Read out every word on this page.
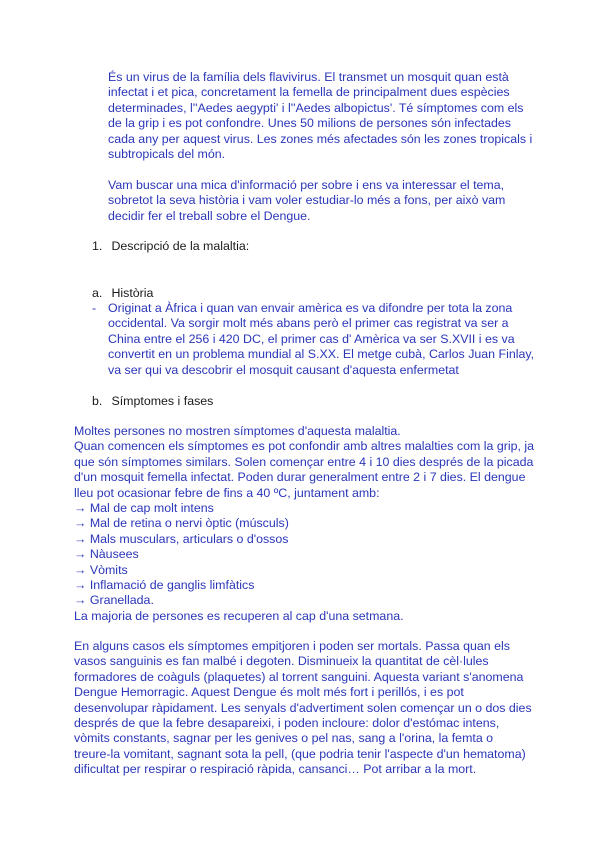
És un virus de la família dels flavivirus. El transmet un mosquit quan està
infectat i et pica, concretament la femella de principalment dues espècies
determinades, l''Aedes aegypti' i l''Aedes albopictus'. Té símptomes com els
de la grip i es pot confondre. Unes 50 milions de persones són infectades
cada any per aquest virus. Les zones més afectades són les zones tropicals i
subtropicals del món.
Vam buscar una mica d'informació per sobre i ens va interessar el tema,
sobretot la seva història i vam voler estudiar-lo més a fons, per això vam
decidir fer el treball sobre el Dengue.
1. Descripció de la malaltia:
a. Història
- Originat a Àfrica i quan van envair amèrica es va difondre per tota la zona
occidental. Va sorgir molt més abans però el primer cas registrat va ser a
China entre el 256 i 420 DC, el primer cas d' Amèrica va ser S.XVII i es va
convertit en un problema mundial al S.XX. El metge cubà, Carlos Juan Finlay,
va ser qui va descobrir el mosquit causant d'aquesta enfermetat
b. Símptomes i fases
Moltes persones no mostren símptomes d'aquesta malaltia.
Quan comencen els símptomes es pot confondir amb altres malalties com la grip, ja
que són símptomes similars. Solen començar entre 4 i 10 dies després de la picada
d'un mosquit femella infectat. Poden durar generalment entre 2 i 7 dies. El dengue
lleu pot ocasionar febre de fins a 40 ºC, juntament amb:
→ Mal de cap molt intens
→ Mal de retina o nervi òptic (músculs)
→ Mals musculars, articulars o d'ossos
→ Nàusees
→ Vòmits
→ Inflamació de ganglis limfàtics
→ Granellada.
La majoria de persones es recuperen al cap d'una setmana.
En alguns casos els símptomes empitjoren i poden ser mortals. Passa quan els
vasos sanguinis es fan malbé i degoten. Disminueix la quantitat de cèl·lules
formadores de coàguls (plaquetes) al torrent sanguini. Aquesta variant s'anomena
Dengue Hemorragic. Aquest Dengue és molt més fort i perillós, i es pot
desenvolupar ràpidament. Les senyals d'advertiment solen començar un o dos dies
després de que la febre desapareixi, i poden incloure: dolor d'estómac intens,
vòmits constants, sagnar per les genives o pel nas, sang a l'orina, la femta o
treure-la vomitant, sagnant sota la pell, (que podria tenir l'aspecte d'un hematoma)
dificultat per respirar o respiració ràpida, cansanci… Pot arribar a la mort.
